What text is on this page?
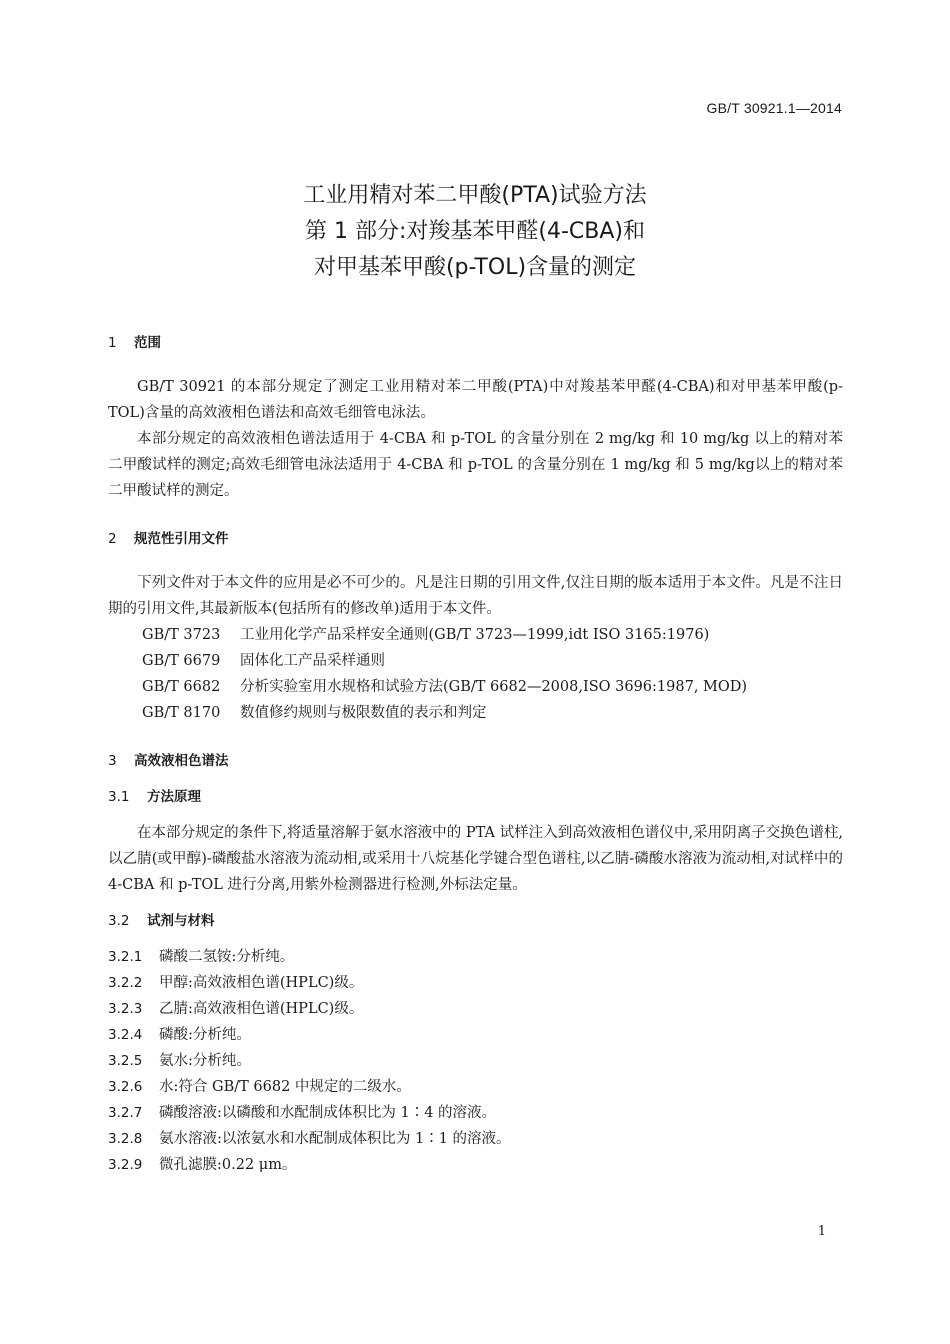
GB/T 30921.1—2014
工业用精对苯二甲酸(PTA)试验方法
第 1 部分:对羧基苯甲醛(4-CBA)和
对甲基苯甲酸(p-TOL)含量的测定
1 范围

GB/T 30921 的本部分规定了测定工业用精对苯二甲酸(PTA)中对羧基苯甲醛(4-CBA)和对甲基苯甲酸(p-TOL)含量的高效液相色谱法和高效毛细管电泳法。

本部分规定的高效液相色谱法适用于 4-CBA 和 p-TOL 的含量分别在 2 mg/kg 和 10 mg/kg 以上的精对苯二甲酸试样的测定;高效毛细管电泳法适用于 4-CBA 和 p-TOL 的含量分别在 1 mg/kg 和 5 mg/kg以上的精对苯二甲酸试样的测定。

2 规范性引用文件

下列文件对于本文件的应用是必不可少的。凡是注日期的引用文件,仅注日期的版本适用于本文件。凡是不注日期的引用文件,其最新版本(包括所有的修改单)适用于本文件。

GB/T 3723 工业用化学产品采样安全通则(GB/T 3723—1999,idt ISO 3165:1976)
GB/T 6679 固体化工产品采样通则
GB/T 6682 分析实验室用水规格和试验方法(GB/T 6682—2008,ISO 3696:1987, MOD)
GB/T 8170 数值修约规则与极限数值的表示和判定
3 高效液相色谱法
3.1 方法原理

在本部分规定的条件下,将适量溶解于氨水溶液中的 PTA 试样注入到高效液相色谱仪中,采用阴离子交换色谱柱,以乙腈(或甲醇)-磷酸盐水溶液为流动相,或采用十八烷基化学键合型色谱柱,以乙腈-磷酸水溶液为流动相,对试样中的 4-CBA 和 p-TOL 进行分离,用紫外检测器进行检测,外标法定量。

3.2 试剂与材料
3.2.1 磷酸二氢铵:分析纯。
3.2.2 甲醇:高效液相色谱(HPLC)级。
3.2.3 乙腈:高效液相色谱(HPLC)级。
3.2.4 磷酸:分析纯。
3.2.5 氨水:分析纯。
3.2.6 水:符合 GB/T 6682 中规定的二级水。
3.2.7 磷酸溶液:以磷酸和水配制成体积比为 1∶4 的溶液。
3.2.8 氨水溶液:以浓氨水和水配制成体积比为 1∶1 的溶液。
3.2.9 微孔滤膜:0.22 μm。
1
